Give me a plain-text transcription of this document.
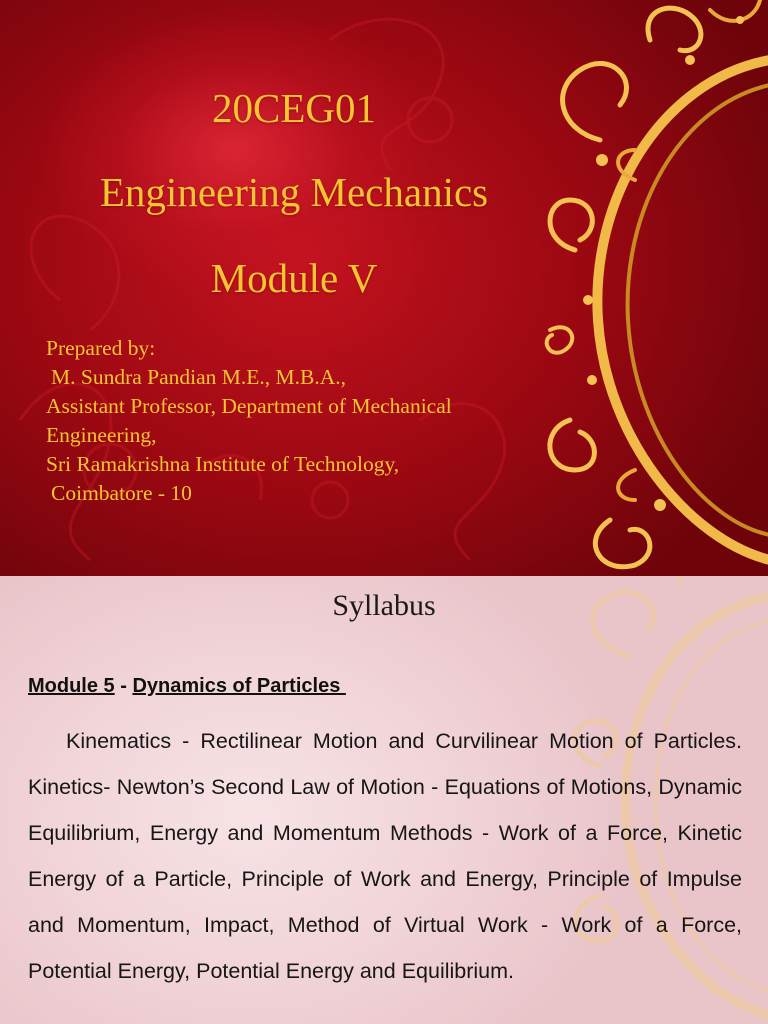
20CEG01
Engineering Mechanics
Module V
Prepared by:
M. Sundra Pandian M.E., M.B.A.,
Assistant Professor, Department of Mechanical
Engineering,
Sri Ramakrishna Institute of Technology,
Coimbatore - 10
Syllabus
Module 5 - Dynamics of Particles
Kinematics - Rectilinear Motion and Curvilinear Motion of Particles. Kinetics- Newton’s Second Law of Motion - Equations of Motions, Dynamic Equilibrium, Energy and Momentum Methods - Work of a Force, Kinetic Energy of a Particle, Principle of Work and Energy, Principle of Impulse and Momentum, Impact, Method of Virtual Work - Work of a Force, Potential Energy, Potential Energy and Equilibrium.
